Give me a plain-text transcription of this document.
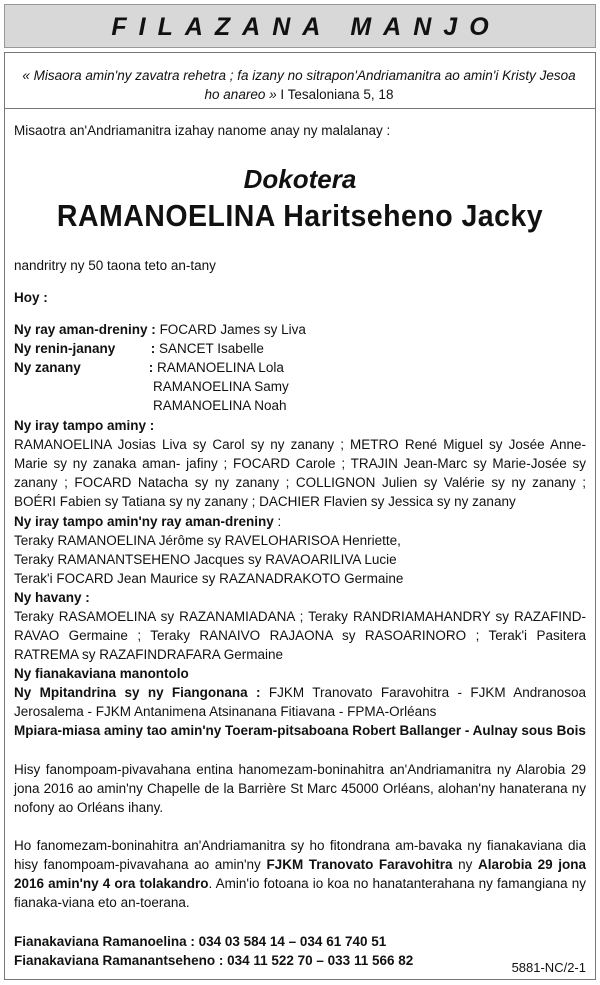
FILAZANA MANJO
« Misaora amin'ny zavatra rehetra ; fa izany no sitrapon'Andriamanitra ao amin'i Kristy Jesoa ho anareo » I Tesaloniana 5, 18
Misaotra an'Andriamanitra izahay nanome anay ny malalanay :
Dokotera
RAMANOELINA Haritseheno Jacky
nandritry ny 50 taona teto an-tany
Hoy :
Ny ray aman-dreniny : FOCARD James sy Liva
Ny renin-janany	: SANCET Isabelle
Ny zanany	: RAMANOELINA Lola
RAMANOELINA Samy
RAMANOELINA Noah
Ny iray tampo aminy :
RAMANOELINA Josias Liva sy Carol sy ny zanany ; METRO René Miguel sy Josée Anne-Marie sy ny zanaka aman- jafiny ; FOCARD Carole ; TRAJIN Jean-Marc sy Marie-Josée sy zanany ; FOCARD Natacha sy ny zanany ; COLLIGNON Julien sy Valérie sy ny zanany ; BOÉRI Fabien sy Tatiana sy ny zanany ; DACHIER Flavien sy Jessica sy ny zanany
Ny iray tampo amin'ny ray aman-dreniny :
Teraky RAMANOELINA Jérôme sy RAVELOHARISOA Henriette,
Teraky RAMANANTSEHENO Jacques sy RAVAOARILIVA Lucie
Terak'i FOCARD Jean Maurice sy RAZANADRAKOTO Germaine
Ny havany :
Teraky RASAMOELINA sy RAZANAMIADANA ; Teraky RANDRIAMAHANDRY sy RAZAFIND-RAVAO Germaine ; Teraky RANAIVO RAJAONA sy RASOARINORO ; Terak'i Pasitera RATREMA sy RAZAFINDRAFARA Germaine
Ny fianakaviana manontolo
Ny Mpitandrina sy ny Fiangonana : FJKM Tranovato Faravohitra - FJKM Andranosoa Jerosalema - FJKM Antanimena Atsinanana Fitiavana - FPMA-Orléans
Mpiara-miasa aminy tao amin'ny Toeram-pitsaboana Robert Ballanger - Aulnay sous Bois
Hisy fanompoam-pivavahana entina hanomezam-boninahitra an'Andriamanitra ny Alarobia 29 jona 2016 ao amin'ny Chapelle de la Barrière St Marc 45000 Orléans, alohan'ny hanaterana ny nofony ao Orléans ihany.
Ho fanomezam-boninahitra an'Andriamanitra sy ho fitondrana am-bavaka ny fianakaviana dia hisy fanompoam-pivavahana ao amin'ny FJKM Tranovato Faravohitra ny Alarobia 29 jona 2016 amin'ny 4 ora tolakandro. Amin'io fotoana io koa no hanatanterahana ny famangiana ny fianaka-viana eto an-toerana.
Fianakaviana Ramanoelina : 034 03 584 14 – 034 61 740 51
Fianakaviana Ramanantseheno : 034 11 522 70 – 033 11 566 82	5881-NC/2-1
